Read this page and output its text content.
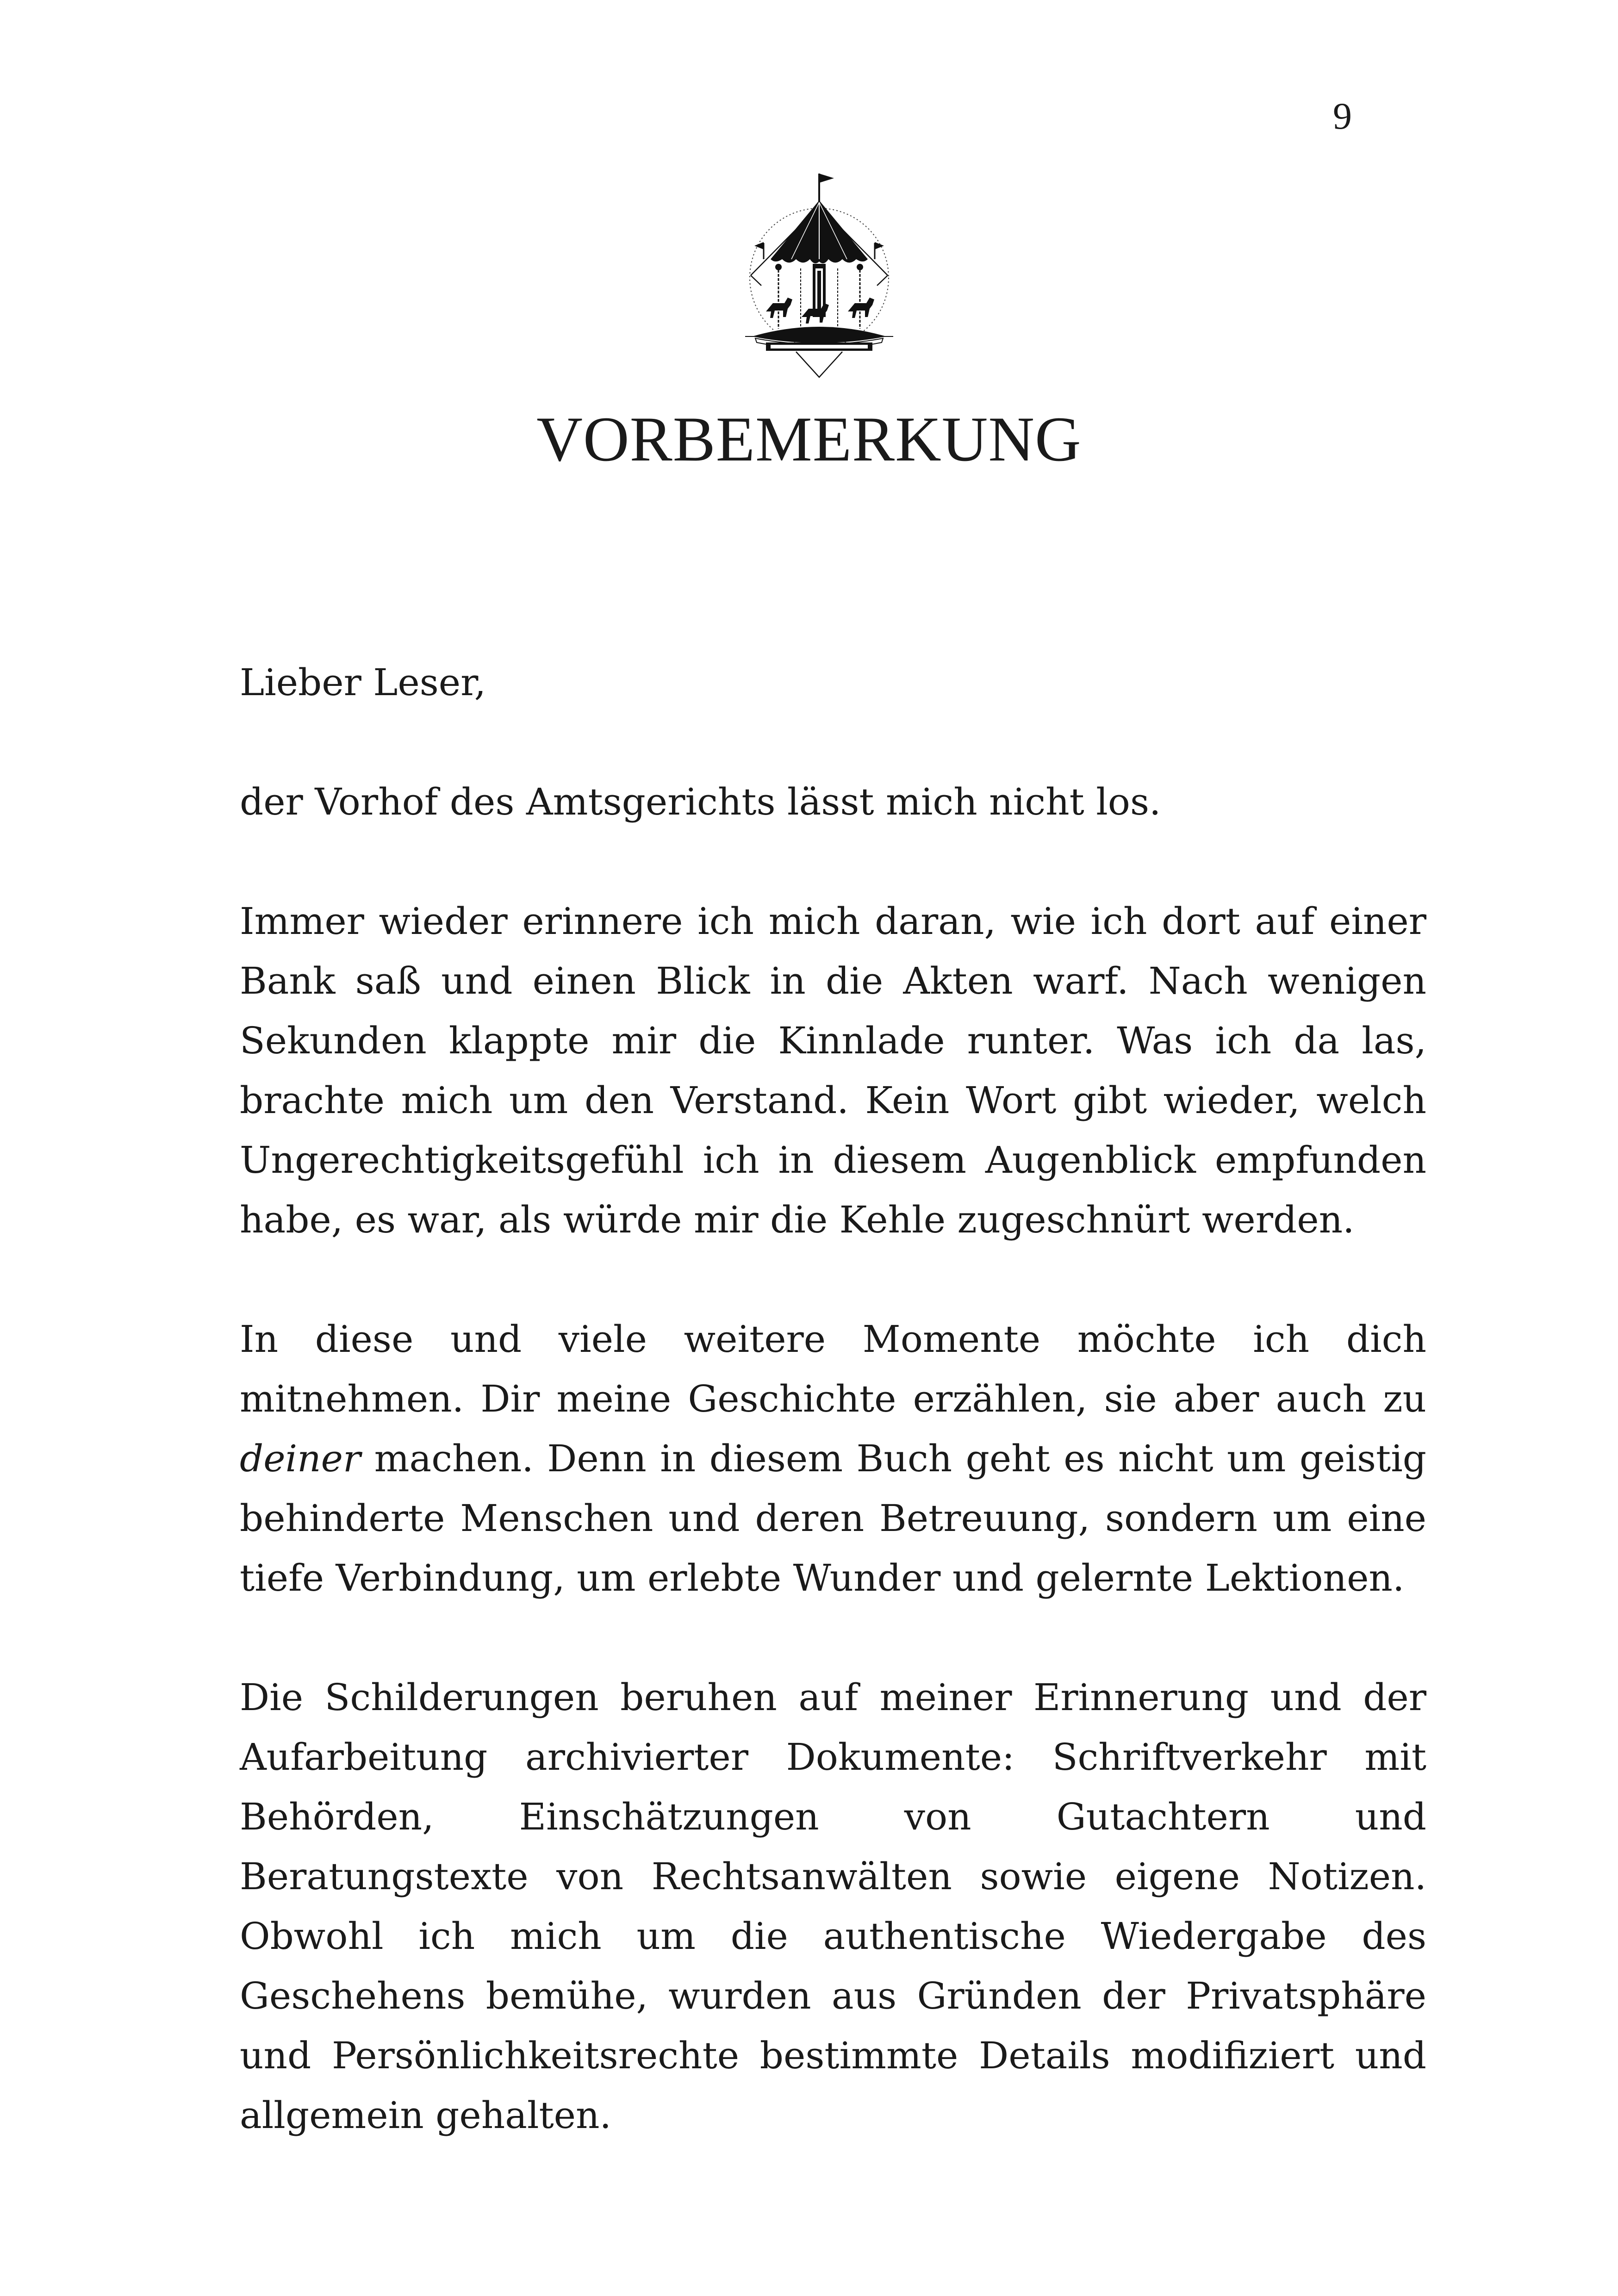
9
VORBEMERKUNG

Lieber Leser,

der Vorhof des Amtsgerichts lässt mich nicht los.

Immer wieder erinnere ich mich daran, wie ich dort auf einer Bank saß und einen Blick in die Akten warf. Nach wenigen Sekunden klappte mir die Kinnlade runter. Was ich da las, brachte mich um den Verstand. Kein Wort gibt wieder, welch Ungerechtigkeitsgefühl ich in diesem Augenblick empfunden habe, es war, als würde mir die Kehle zugeschnürt werden.

In diese und viele weitere Momente möchte ich dich mitnehmen. Dir meine Geschichte erzählen, sie aber auch zu deiner machen. Denn in diesem Buch geht es nicht um geistig behinderte Menschen und deren Betreuung, sondern um eine tiefe Verbindung, um erlebte Wunder und gelernte Lektionen.

Die Schilderungen beruhen auf meiner Erinnerung und der Aufarbeitung archivierter Dokumente: Schriftverkehr mit Behörden, Einschätzungen von Gutachtern und Beratungstexte von Rechtsanwälten sowie eigene Notizen. Obwohl ich mich um die authentische Wiedergabe des Geschehens bemühe, wurden aus Gründen der Privatsphäre und Persönlichkeitsrechte bestimmte Details modifiziert und allgemein gehalten.
